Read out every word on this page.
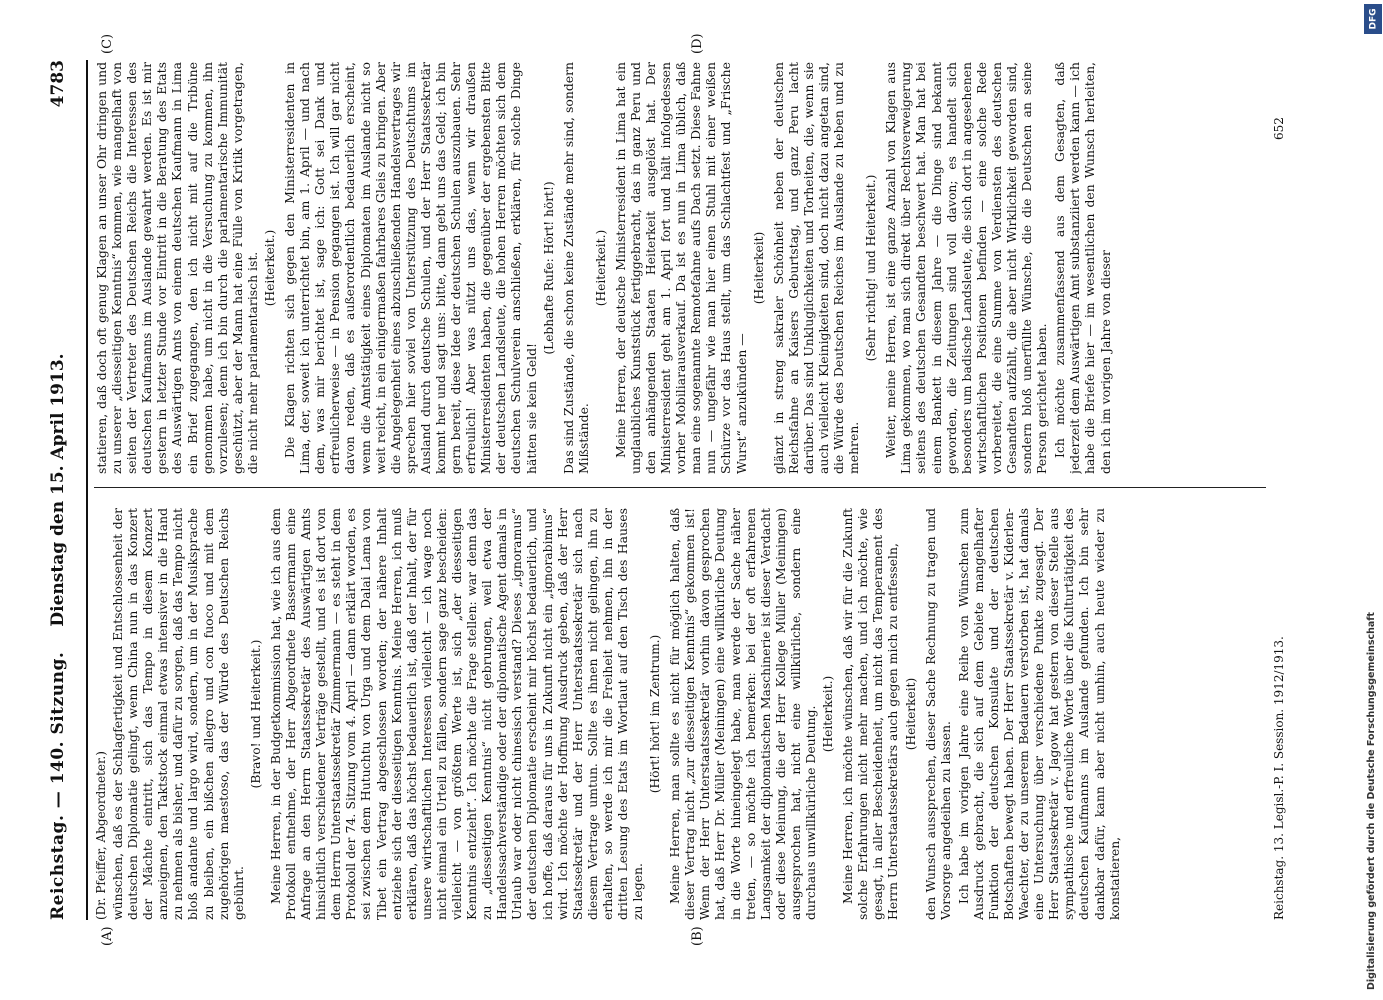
Reichstag. — 140. Sitzung.
Dienstag den 15. April 1913.
4783
(A)	(B)
(C)	(D)
(Dr. Pfeiffer, Abgeordneter.) wünschen, daß es der Schlagfertigkeit und Entschlossenheit der deutschen Diplomatie gelingt, wenn China nun in das Konzert der Mächte eintritt, sich das Tempo in diesem Konzert anzueignen, den Taktstock einmal etwas intensiver in die Hand zu nehmen als bisher, und dafür zu sorgen, daß das Tempo nicht bloß andante und largo wird, sondern, um in der Musiksprache zu bleiben, ein bißchen allegro und con fuoco und mit dem zugehörigen maestoso, das der Würde des Deutschen Reichs gebührt.

(Bravo! und Heiterkeit.) Meine Herren, in der Budgetkommission hat, wie ich aus dem Protokoll entnehme, der Herr Abgeordnete Bassermann eine Anfrage an den Herrn Staatssekretär des Auswärtigen Amts hinsichtlich verschiedener Verträge gestellt, und es ist dort von dem Herrn Unterstaatssekretär Zimmermann — es steht in dem Protokoll der 74. Sitzung vom 4. April — dann erklärt worden, es sei zwischen dem Hutuchtu von Urga und dem Dalai Lama von Tibet ein Vertrag abgeschlossen worden; der nähere Inhalt entziehe sich der diesseitigen Kenntnis. Meine Herren, ich muß erklären, daß das höchst bedauerlich ist, daß der Inhalt, der für unsere wirtschaftlichen Interessen vielleicht — ich wage noch nicht einmal ein Urteil zu fällen, sondern sage ganz bescheiden: vielleicht — von größtem Werte ist, sich „der diesseitigen Kenntnis entzieht“. Ich möchte die Frage stellen: war denn das zu „diesseitigen Kenntnis“ nicht gebrungen, weil etwa der Handelssachverständige oder der diplomatische Agent damals in Urlaub war oder nicht chinesisch verstand? Dieses „ignoramus“ der deutschen Diplomatie erscheint mir höchst bedauerlich, und ich hoffe, daß daraus für uns in Zukunft nicht ein „ignorabimus“ wird. Ich möchte der Hoffnung Ausdruck geben, daß der Herr Staatssekretär und der Herr Unterstaatssekretär sich nach diesem Vertrage umtun. Sollte es ihnen nicht gelingen, ihn zu erhalten, so werde ich mir die Freiheit nehmen, ihn in der dritten Lesung des Etats im Wortlaut auf den Tisch des Hauses zu legen.

(Hört! hört! im Zentrum.) Meine Herren, man sollte es nicht für möglich halten, daß dieser Vertrag nicht „zur diesseitigen Kenntnis“ gekommen ist! Wenn der Herr Unterstaatssekretär vorhin davon gesprochen hat, daß Herr Dr. Müller (Meiningen) eine willkürliche Deutung in die Worte hineingelegt habe, man werde der Sache näher treten, — so möchte ich bemerken: bei der oft erfahrenen Langsamkeit der diplomatischen Maschinerie ist dieser Verdacht oder diese Meinung, die der Herr Kollege Müller (Meiningen) ausgesprochen hat, nicht eine willkürliche, sondern eine durchaus unwillkürliche Deutung. (Heiterkeit.) Meine Herren, ich möchte wünschen, daß wir für die Zukunft solche Erfahrungen nicht mehr machen, und ich möchte, wie gesagt, in aller Bescheidenheit, um nicht das Temperament des Herrn Unterstaatssekretärs auch gegen mich zu entfesseln, (Heiterkeit) den Wunsch aussprechen, dieser Sache Rechnung zu tragen und Vorsorge angedeihen zu lassen. Ich habe im vorigen Jahre eine Reihe von Wünschen zum Ausdruck gebracht, die sich auf dem Gebiete mangelhafter Funktion der deutschen Konsulate und der deutschen Botschaften bewegt haben. Der Herr Staatssekretär v. Kiderlen-Waechter, der zu unserem Bedauern verstorben ist, hat damals eine Untersuchung über verschiedene Punkte zugesagt. Der Herr Staatssekretär v. Jagow hat gestern von dieser Stelle aus sympathische und erfreuliche Worte über die Kulturtätigkeit des deutschen Kaufmanns im Auslande gefunden. Ich bin sehr dankbar dafür, kann aber nicht umhin, auch heute wieder zu konstatieren,

statieren, daß doch oft genug Klagen an unser Ohr dringen und zu unserer „diesseitigen Kenntnis“ kommen, wie mangelhaft von seiten der Vertreter des Deutschen Reichs die Interessen des deutschen Kaufmanns im Auslande gewahrt werden. Es ist mir gestern in letzter Stunde vor Eintritt in die Beratung des Etats des Auswärtigen Amts von einem deutschen Kaufmann in Lima ein Brief zugegangen, den ich nicht mit auf die Tribüne genommen habe, um nicht in die Versuchung zu kommen, ihn vorzulesen; denn ich bin durch die parlamentarische Immunität geschützt, aber der Mann hat eine Fülle von Kritik vorgetragen, die nicht mehr parlamentarisch ist. (Heiterkeit.) Die Klagen richten sich gegen den Ministerresidenten in Lima, der, soweit ich unterrichtet bin, am 1. April — und nach dem, was mir berichtet ist, sage ich: Gott sei Dank und erfreulicherweise — in Pension gegangen ist. Ich will gar nicht davon reden, daß es außerordentlich bedauerlich erscheint, wenn die Amtstätigkeit eines Diplomaten im Auslande nicht so weit reicht, in ein einigermaßen fahrbares Gleis zu bringen. Aber die Angelegenheit eines abzuschließenden Handelsvertrages wir sprechen hier soviel von Unterstützung des Deutschtums im Ausland durch deutsche Schulen, und der Herr Staatssekretär kommt her und sagt uns: bitte, dann gebt uns das Geld; ich bin gern bereit, diese Idee der deutschen Schulen auszubauen. Sehr erfreulich! Aber was nützt uns das, wenn wir draußen Ministerresidenten haben, die gegenüber der ergebensten Bitte der deutschen Landsleute, die hohen Herren möchten sich dem deutschen Schulverein anschließen, erklären, für solche Dinge hätten sie kein Geld!

(Lebhafte Rufe: Hört! hört!) Das sind Zustände, die schon keine Zustände mehr sind, sondern Mißstände.

(Heiterkeit.) Meine Herren, der deutsche Ministerresident in Lima hat ein unglaubliches Kunststück fertiggebracht, das in ganz Peru und den anhängenden Staaten Heiterkeit ausgelöst hat. Der Ministerresident geht am 1. April fort und hält infolgedessen vorher Mobiliarausverkauf. Da ist es nun in Lima üblich, daß man eine sogenannte Remotefahne aufs Dach setzt. Diese Fahne nun — ungefähr wie man hier einen Stuhl mit einer weißen Schürze vor das Haus stellt, um das Schlachtfest und „Frische Wurst“ anzukünden —

(Heiterkeit) glänzt in streng sakraler Schönheit neben der deutschen Reichsfahne an Kaisers Geburtstag, und ganz Peru lacht darüber. Das sind Unkluglichkeiten und Torheiten, die, wenn sie auch vielleicht Kleinigkeiten sind, doch nicht dazu angetan sind, die Würde des Deutschen Reiches im Auslande zu heben und zu mehren.

(Sehr richtig! und Heiterkeit.) Weiter, meine Herren, ist eine ganze Anzahl von Klagen aus Lima gekommen, wo man sich direkt über Rechtsverweigerung seitens des deutschen Gesandten beschwert hat. Man hat bei einem Bankett in diesem Jahre — die Dinge sind bekannt geworden, die Zeitungen sind voll davon; es handelt sich besonders um badische Landsleute, die sich dort in angesehenen wirtschaftlichen Positionen befinden — eine solche Rede vorbereitet, die eine Summe von Verdiensten des deutschen Gesandten aufzählt, die aber nicht Wirklichkeit geworden sind, sondern bloß unerfüllte Wünsche, die die Deutschen an seine Person gerichtet haben. Ich möchte zusammenfassend aus dem Gesagten, daß jederzeit dem Auswärtigen Amt substanziiert werden kann — ich habe die Briefe hier — im wesentlichen den Wunsch herleiten, den ich im vorigen Jahre von dieser

Reichstag. 13. Legisl.-P. I. Session. 1912/1913.
652
Digitalisierung gefördert durch die Deutsche Forschungsgemeinschaft
DFG
